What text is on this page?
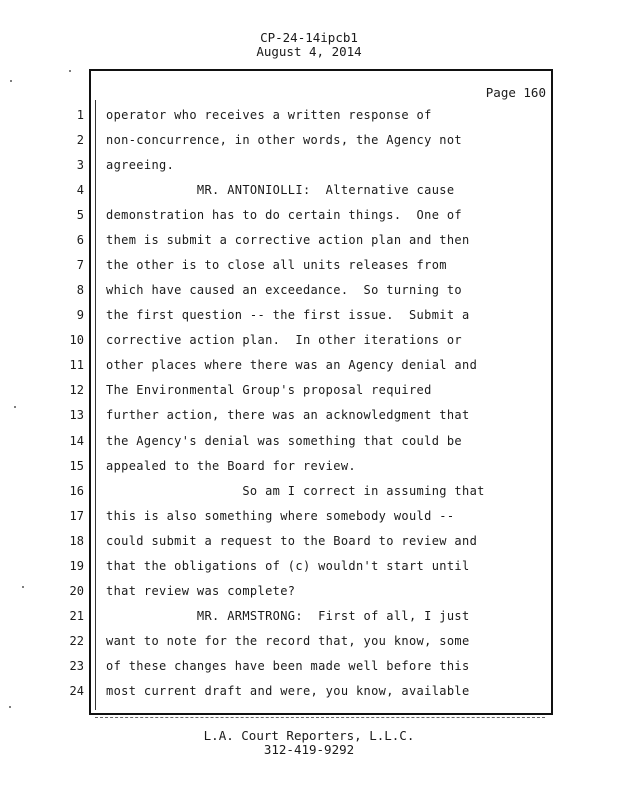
CP-24-14ipcb1
August 4, 2014
Page 160
1 operator who receives a written response of
2 non-concurrence, in other words, the Agency not
3 agreeing.
4 MR. ANTONIOLLI:  Alternative cause
5 demonstration has to do certain things.  One of
6 them is submit a corrective action plan and then
7 the other is to close all units releases from
8 which have caused an exceedance.  So turning to
9 the first question -- the first issue.  Submit a
10 corrective action plan.  In other iterations or
11 other places where there was an Agency denial and
12 The Environmental Group's proposal required
13 further action, there was an acknowledgment that
14 the Agency's denial was something that could be
15 appealed to the Board for review.
16 So am I correct in assuming that
17 this is also something where somebody would --
18 could submit a request to the Board to review and
19 that the obligations of (c) wouldn't start until
20 that review was complete?
21 MR. ARMSTRONG:  First of all, I just
22 want to note for the record that, you know, some
23 of these changes have been made well before this
24 most current draft and were, you know, available
L.A. Court Reporters, L.L.C.
312-419-9292
